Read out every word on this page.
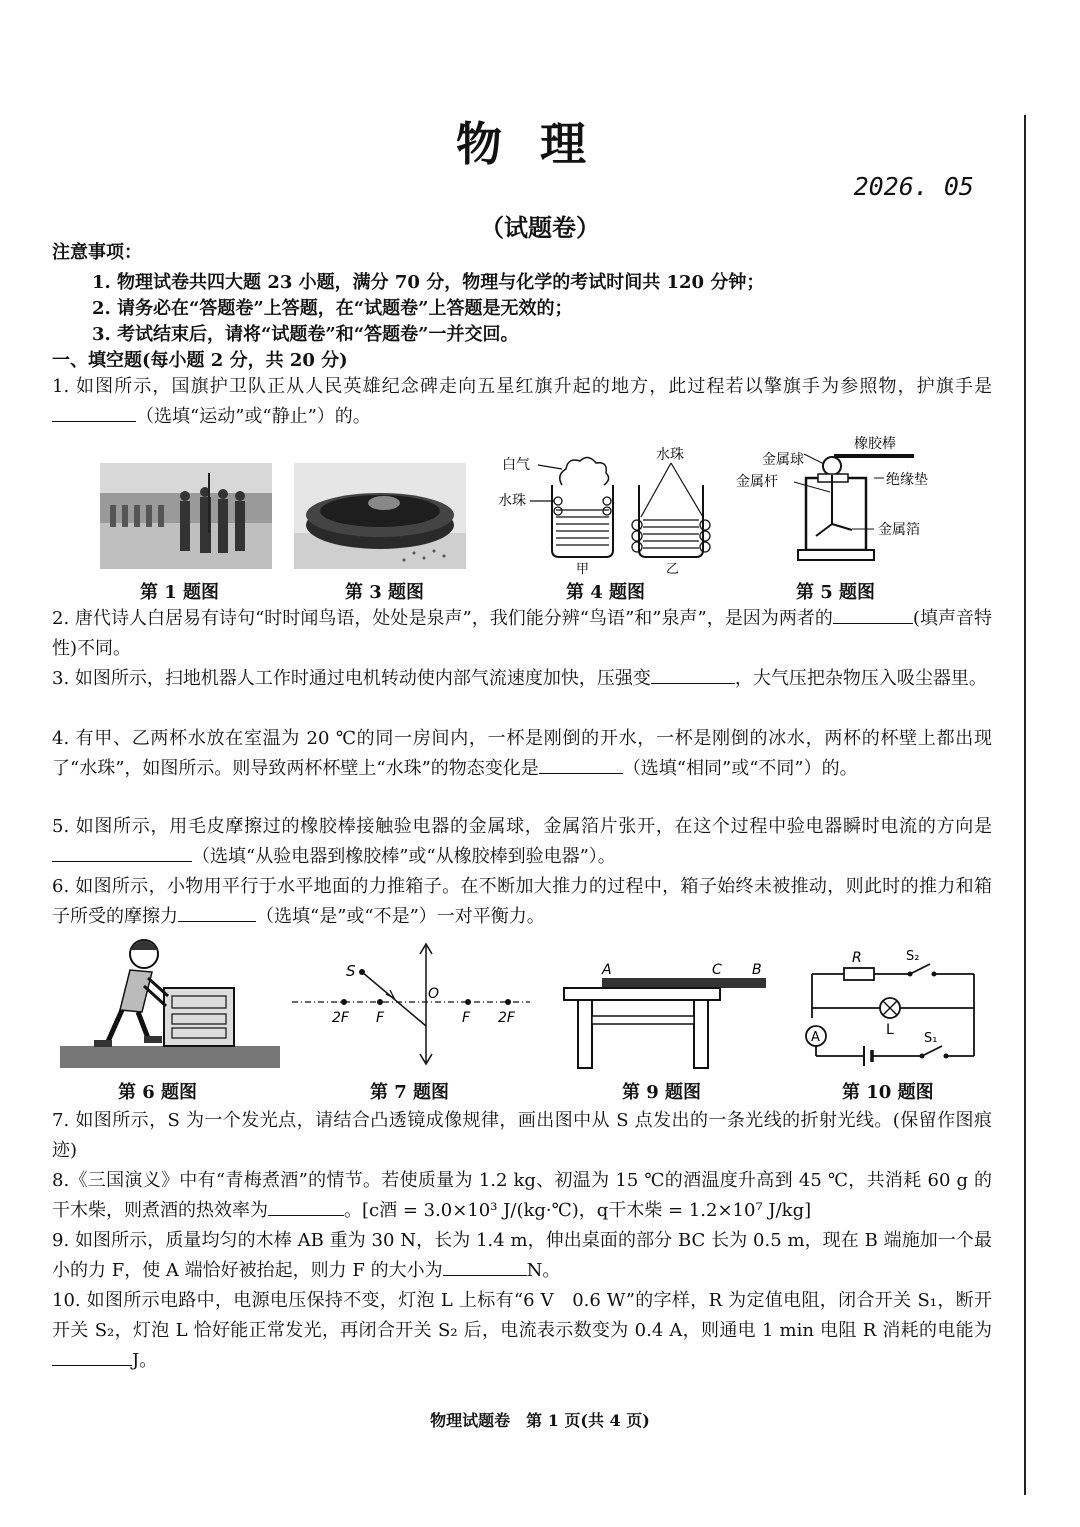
物理
2026. 05
（试题卷）
注意事项：
1. 物理试卷共四大题 23 小题，满分 70 分，物理与化学的考试时间共 120 分钟；
2. 请务必在“答题卷”上答题，在“试题卷”上答题是无效的；
3. 考试结束后，请将“试题卷”和“答题卷”一并交回。
一、填空题(每小题 2 分，共 20 分)
1. 如图所示，国旗护卫队正从人民英雄纪念碑走向五星红旗升起的地方，此过程若以擎旗手为参照物，护旗手是（选填“运动”或“静止”）的。
白气
水珠
甲
水珠
乙
橡胶棒
金属球
金属杆	绝缘垫
金属箔
第 1 题图	第 3 题图	第 4 题图	第 5 题图
2. 唐代诗人白居易有诗句“时时闻鸟语，处处是泉声”，我们能分辨“鸟语”和”泉声”，是因为两者的	(填声音特性)不同。
3. 如图所示，扫地机器人工作时通过电机转动使内部气流速度加快，压强变	，大气压把杂物压入吸尘器里。
4. 有甲、乙两杯水放在室温为 20 ℃的同一房间内，一杯是刚倒的开水，一杯是刚倒的冰水，两杯的杯壁上都出现了“水珠”，如图所示。则导致两杯杯壁上“水珠”的物态变化是	（选填“相同”或“不同”）的。
5. 如图所示，用毛皮摩擦过的橡胶棒接触验电器的金属球，金属箔片张开，在这个过程中验电器瞬时电流的方向是（选填“从验电器到橡胶棒”或“从橡胶棒到验电器”）。
6. 如图所示，小物用平行于水平地面的力推箱子。在不断加大推力的过程中，箱子始终未被推动，则此时的推力和箱子所受的摩擦力	（选填“是”或“不是”）一对平衡力。
S
O
2F F	F 2F
A	C B
R	S₂
L
A	S₁
第 6 题图	第 7 题图	第 9 题图	第 10 题图
7. 如图所示，S 为一个发光点，请结合凸透镜成像规律，画出图中从 S 点发出的一条光线的折射光线。(保留作图痕迹)
8.《三国演义》中有“青梅煮酒”的情节。若使质量为 1.2 kg、初温为 15 ℃的酒温度升高到 45 ℃，共消耗 60 g 的干木柴，则煮酒的热效率为	。[c酒 = 3.0×10³ J/(kg·℃)，q干木柴 = 1.2×10⁷ J/kg]
9. 如图所示，质量均匀的木棒 AB 重为 30 N，长为 1.4 m，伸出桌面的部分 BC 长为 0.5 m，现在 B 端施加一个最小的力 F，使 A 端恰好被抬起，则力 F 的大小为	N。
10. 如图所示电路中，电源电压保持不变，灯泡 L 上标有“6 V　0.6 W”的字样，R 为定值电阻，闭合开关 S₁，断开开关 S₂，灯泡 L 恰好能正常发光，再闭合开关 S₂ 后，电流表示数变为 0.4 A，则通电 1 min 电阻 R 消耗的电能为J。
物理试题卷　第 1 页(共 4 页)
